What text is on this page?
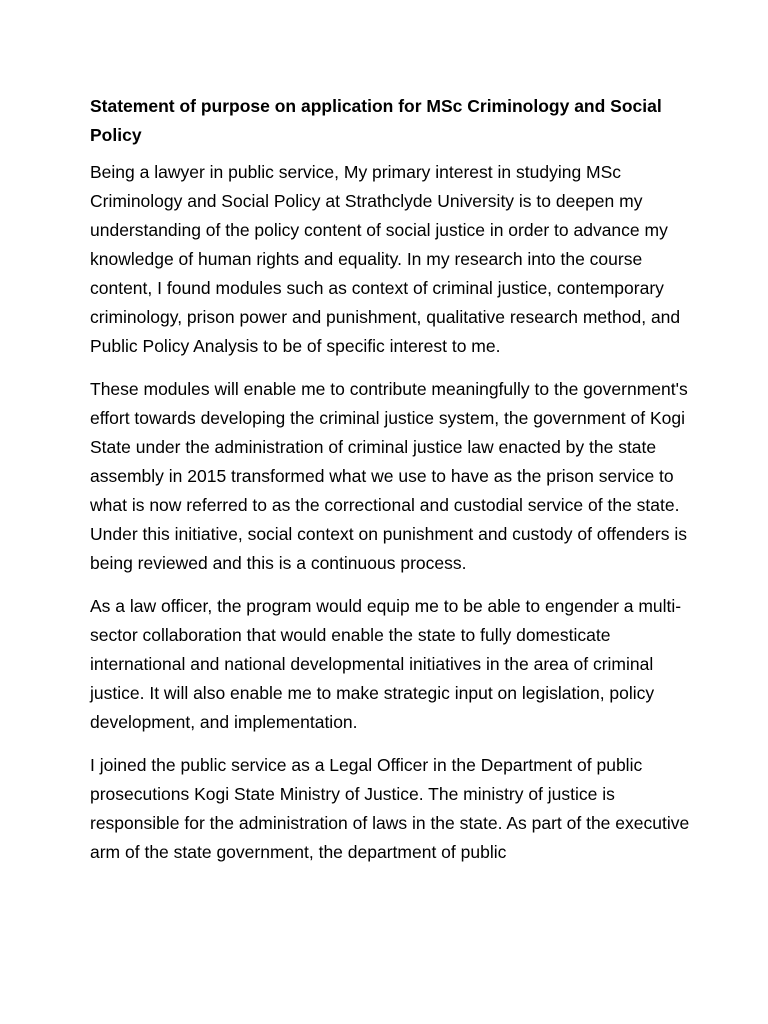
Statement of purpose on application for MSc Criminology and Social Policy

Being a lawyer in public service, My primary interest in studying MSc Criminology and Social Policy at Strathclyde University is to deepen my understanding of the policy content of social justice in order to advance my knowledge of human rights and equality. In my research into the course content, I found modules such as context of criminal justice, contemporary criminology, prison power and punishment, qualitative research method, and Public Policy Analysis to be of specific interest to me.

These modules will enable me to contribute meaningfully to the government's effort towards developing the criminal justice system, the government of Kogi State under the administration of criminal justice law enacted by the state assembly in 2015 transformed what we use to have as the prison service to what is now referred to as the correctional and custodial service of the state. Under this initiative, social context on punishment and custody of offenders is being reviewed and this is a continuous process.

As a law officer, the program would equip me to be able to engender a multi-sector collaboration that would enable the state to fully domesticate international and national developmental initiatives in the area of criminal justice. It will also enable me to make strategic input on legislation, policy development, and implementation.

I joined the public service as a Legal Officer in the Department of public prosecutions Kogi State Ministry of Justice. The ministry of justice is responsible for the administration of laws in the state. As part of the executive arm of the state government, the department of public
